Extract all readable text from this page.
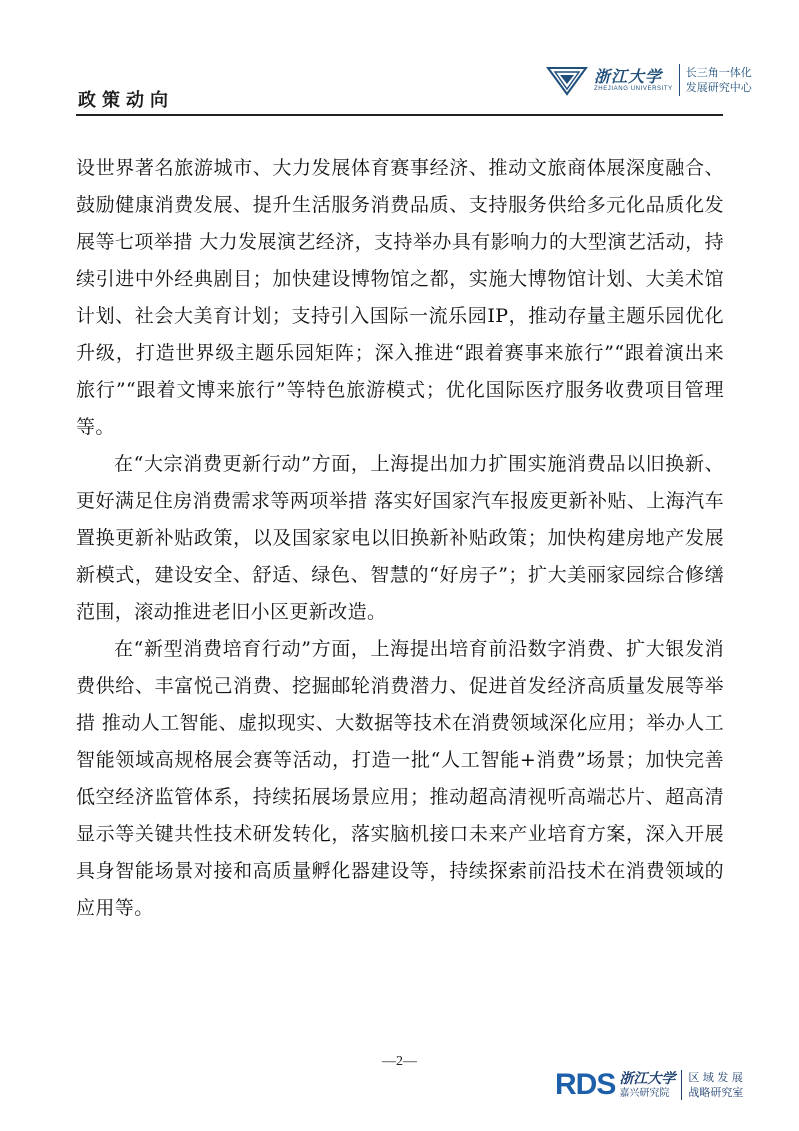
政策动向
浙江大学
ZHEJIANG UNIVERSITY
长三角一体化
发展研究中心

设世界著名旅游城市、大力发展体育赛事经济、推动文旅商体展深度融合、鼓励健康消费发展、提升生活服务消费品质、支持服务供给多元化品质化发展等七项举措 大力发展演艺经济，支持举办具有影响力的大型演艺活动，持续引进中外经典剧目；加快建设博物馆之都，实施大博物馆计划、大美术馆计划、社会大美育计划；支持引入国际一流乐园IP，推动存量主题乐园优化升级，打造世界级主题乐园矩阵；深入推进“跟着赛事来旅行”“跟着演出来旅行”“跟着文博来旅行”等特色旅游模式；优化国际医疗服务收费项目管理等。

在“大宗消费更新行动”方面，上海提出加力扩围实施消费品以旧换新、更好满足住房消费需求等两项举措 落实好国家汽车报废更新补贴、上海汽车置换更新补贴政策，以及国家家电以旧换新补贴政策；加快构建房地产发展新模式，建设安全、舒适、绿色、智慧的“好房子”；扩大美丽家园综合修缮范围，滚动推进老旧小区更新改造。

在“新型消费培育行动”方面，上海提出培育前沿数字消费、扩大银发消费供给、丰富悦己消费、挖掘邮轮消费潜力、促进首发经济高质量发展等举措 推动人工智能、虚拟现实、大数据等技术在消费领域深化应用；举办人工智能领域高规格展会赛等活动，打造一批“人工智能+消费”场景；加快完善低空经济监管体系，持续拓展场景应用；推动超高清视听高端芯片、超高清显示等关键共性技术研发转化，落实脑机接口未来产业培育方案，深入开展具身智能场景对接和高质量孵化器建设等，持续探索前沿技术在消费领域的应用等。

—2—
RDS 浙江大学
嘉兴研究院
区 域 发 展
战略研究室
